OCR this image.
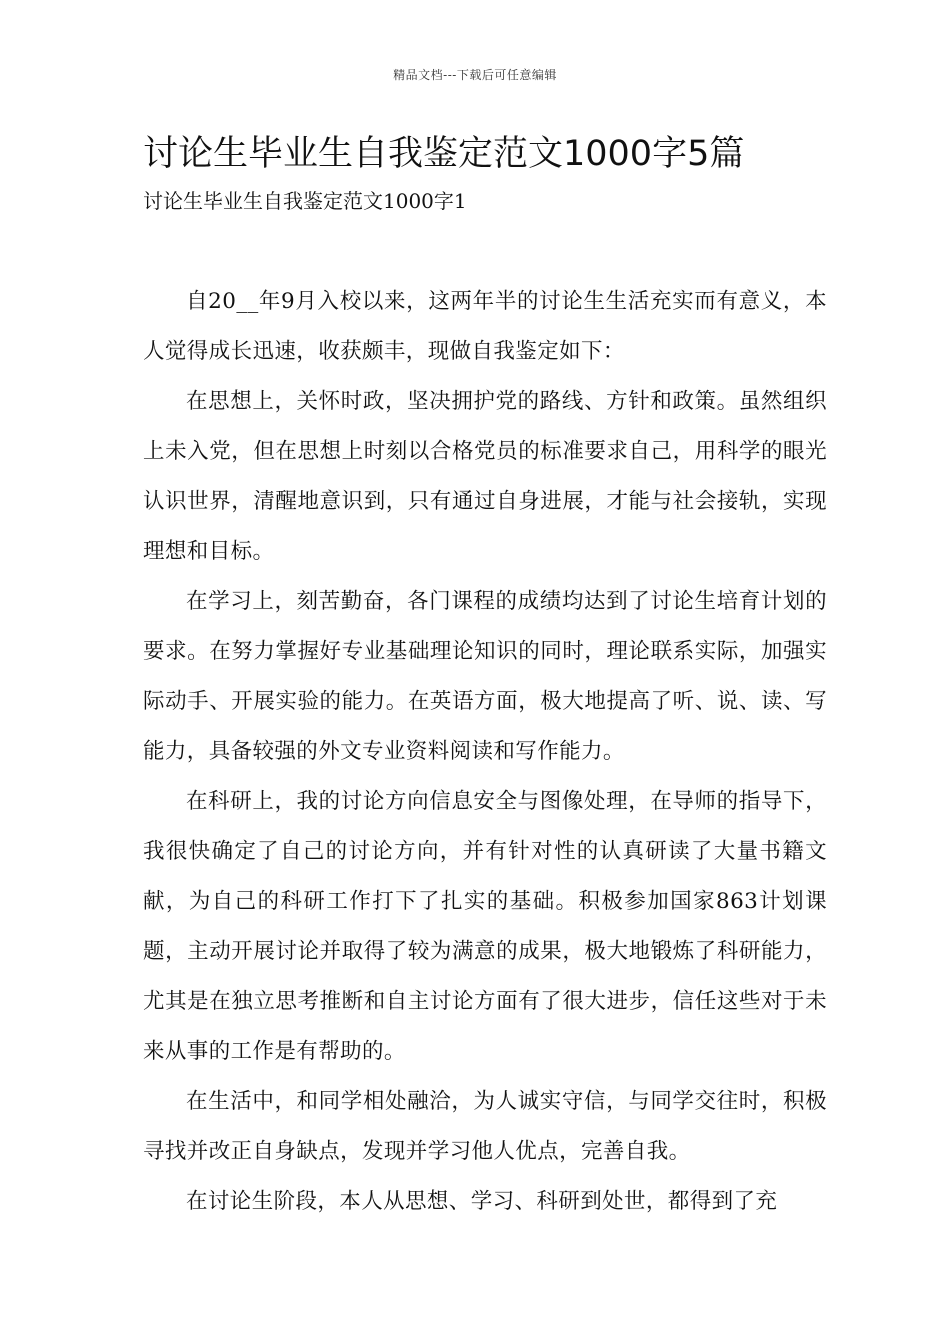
精品文档---下载后可任意编辑
讨论生毕业生自我鉴定范文1000字5篇

讨论生毕业生自我鉴定范文1000字1

自20__年9月入校以来，这两年半的讨论生生活充实而有意义，本人觉得成长迅速，收获颇丰，现做自我鉴定如下：

在思想上，关怀时政，坚决拥护党的路线、方针和政策。虽然组织上未入党，但在思想上时刻以合格党员的标准要求自己，用科学的眼光认识世界，清醒地意识到，只有通过自身进展，才能与社会接轨，实现理想和目标。

在学习上，刻苦勤奋，各门课程的成绩均达到了讨论生培育计划的要求。在努力掌握好专业基础理论知识的同时，理论联系实际，加强实际动手、开展实验的能力。在英语方面，极大地提高了听、说、读、写能力，具备较强的外文专业资料阅读和写作能力。

在科研上，我的讨论方向信息安全与图像处理，在导师的指导下，我很快确定了自己的讨论方向，并有针对性的认真研读了大量书籍文献，为自己的科研工作打下了扎实的基础。积极参加国家863计划课题，主动开展讨论并取得了较为满意的成果，极大地锻炼了科研能力，尤其是在独立思考推断和自主讨论方面有了很大进步，信任这些对于未来从事的工作是有帮助的。

在生活中，和同学相处融洽，为人诚实守信，与同学交往时，积极寻找并改正自身缺点，发现并学习他人优点，完善自我。

在讨论生阶段，本人从思想、学习、科研到处世，都得到了充
